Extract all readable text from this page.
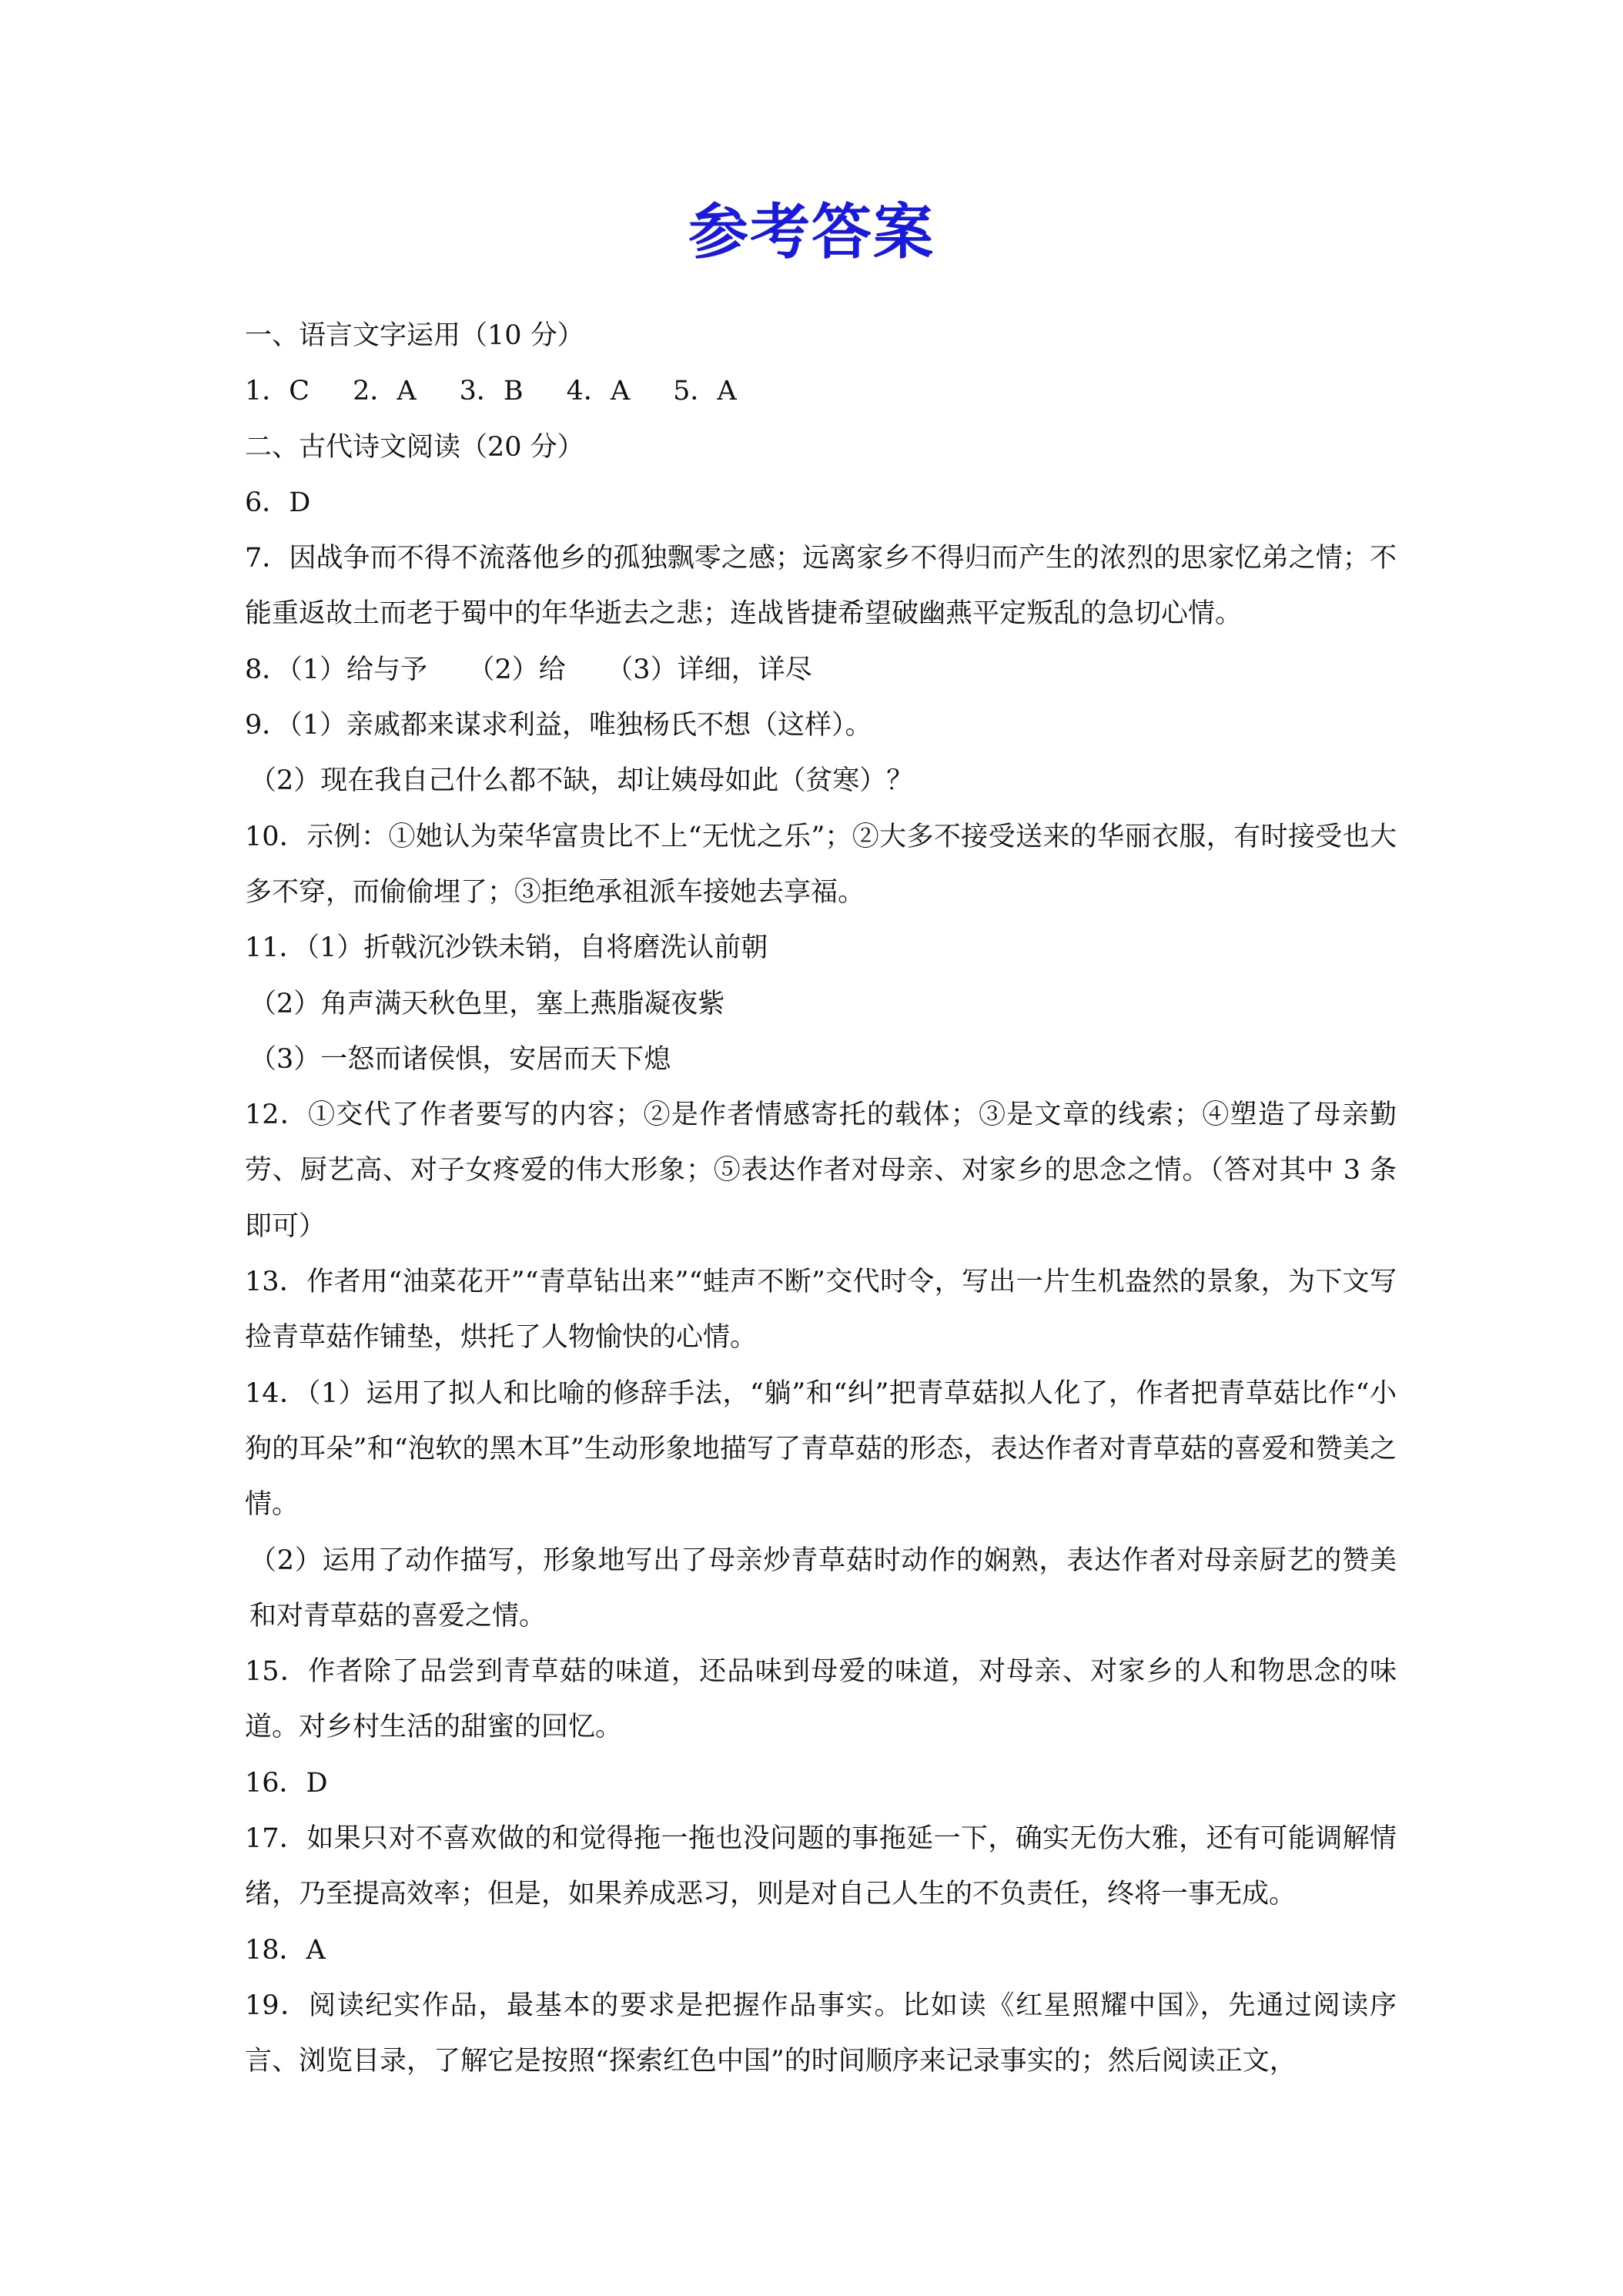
参考答案

一、语言文字运用（10 分）

1．C 2．A 3．B 4．A 5．A

二、古代诗文阅读（20 分）

6．D

7．因战争而不得不流落他乡的孤独飘零之感；远离家乡不得归而产生的浓烈的思家忆弟之情；不能重返故土而老于蜀中的年华逝去之悲；连战皆捷希望破幽燕平定叛乱的急切心情。

8．（1）给与予　　（2）给　　（3）详细，详尽

9．（1）亲戚都来谋求利益，唯独杨氏不想（这样）。

（2）现在我自己什么都不缺，却让姨母如此（贫寒）？

10．示例：①她认为荣华富贵比不上“无忧之乐”；②大多不接受送来的华丽衣服，有时接受也大多不穿，而偷偷埋了；③拒绝承祖派车接她去享福。

11．（1）折戟沉沙铁未销，自将磨洗认前朝

（2）角声满天秋色里，塞上燕脂凝夜紫

（3）一怒而诸侯惧，安居而天下熄

12．①交代了作者要写的内容；②是作者情感寄托的载体；③是文章的线索；④塑造了母亲勤劳、厨艺高、对子女疼爱的伟大形象；⑤表达作者对母亲、对家乡的思念之情。（答对其中 3 条即可）

13．作者用“油菜花开”“青草钻出来”“蛙声不断”交代时令，写出一片生机盎然的景象，为下文写捡青草菇作铺垫，烘托了人物愉快的心情。

14．（1）运用了拟人和比喻的修辞手法，“躺”和“纠”把青草菇拟人化了，作者把青草菇比作“小狗的耳朵”和“泡软的黑木耳”生动形象地描写了青草菇的形态，表达作者对青草菇的喜爱和赞美之情。

（2）运用了动作描写，形象地写出了母亲炒青草菇时动作的娴熟，表达作者对母亲厨艺的赞美和对青草菇的喜爱之情。

15．作者除了品尝到青草菇的味道，还品味到母爱的味道，对母亲、对家乡的人和物思念的味道。对乡村生活的甜蜜的回忆。

16．D

17．如果只对不喜欢做的和觉得拖一拖也没问题的事拖延一下，确实无伤大雅，还有可能调解情绪，乃至提高效率；但是，如果养成恶习，则是对自己人生的不负责任，终将一事无成。

18．A

19．阅读纪实作品，最基本的要求是把握作品事实。比如读《红星照耀中国》，先通过阅读序言、浏览目录，了解它是按照“探索红色中国”的时间顺序来记录事实的；然后阅读正文，
